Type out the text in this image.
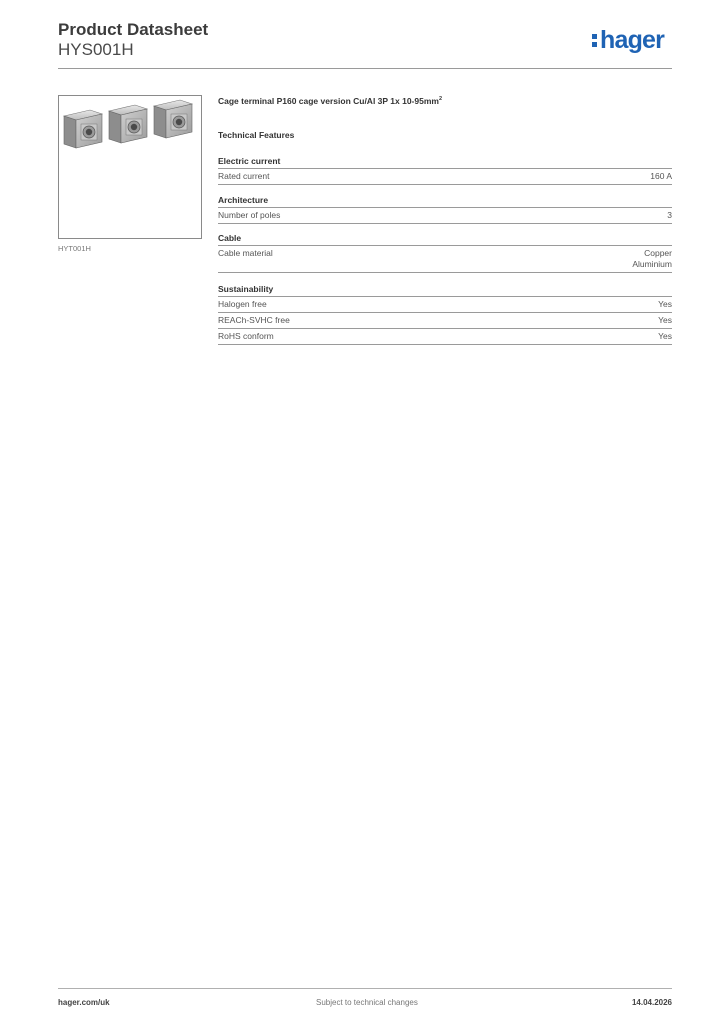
Product Datasheet
HYS001H	hager
HYT001H
Cage terminal P160 cage version Cu/Al 3P 1x $10-95mm^2$
Technical Features
Electric current
Rated current	160 A
Architecture
Number of poles	3
Cable
Cable material	Copper
Aluminium
Sustainability
Halogen free	Yes
REACh-SVHC free	Yes
RoHS conform	Yes
hager.com/uk	Subject to technical changes	14.04.2026
